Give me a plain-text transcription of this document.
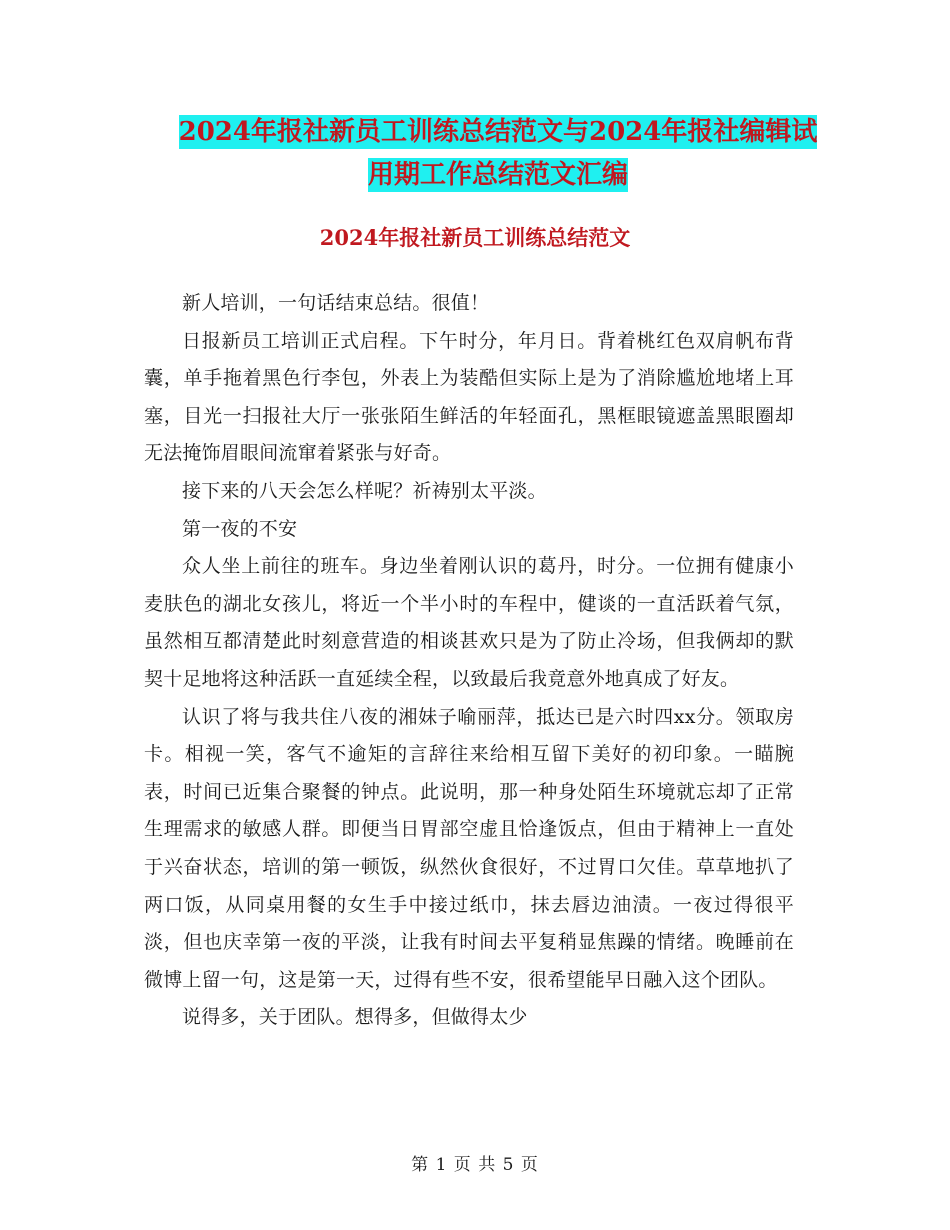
2024年报社新员工训练总结范文与2024年报社编辑试
用期工作总结范文汇编
2024年报社新员工训练总结范文

新人培训，一句话结束总结。很值！

日报新员工培训正式启程。下午时分，年月日。背着桃红色双肩帆布背囊，单手拖着黑色行李包，外表上为装酷但实际上是为了消除尴尬地堵上耳塞，目光一扫报社大厅一张张陌生鲜活的年轻面孔，黑框眼镜遮盖黑眼圈却无法掩饰眉眼间流窜着紧张与好奇。

接下来的八天会怎么样呢？祈祷别太平淡。

第一夜的不安

众人坐上前往的班车。身边坐着刚认识的葛丹，时分。一位拥有健康小麦肤色的湖北女孩儿，将近一个半小时的车程中，健谈的一直活跃着气氛，虽然相互都清楚此时刻意营造的相谈甚欢只是为了防止冷场，但我俩却的默契十足地将这种活跃一直延续全程，以致最后我竟意外地真成了好友。

认识了将与我共住八夜的湘妹子喻丽萍，抵达已是六时四xx分。领取房卡。相视一笑，客气不逾矩的言辞往来给相互留下美好的初印象。一瞄腕表，时间已近集合聚餐的钟点。此说明，那一种身处陌生环境就忘却了正常生理需求的敏感人群。即便当日胃部空虚且恰逢饭点，但由于精神上一直处于兴奋状态，培训的第一顿饭，纵然伙食很好，不过胃口欠佳。草草地扒了两口饭，从同桌用餐的女生手中接过纸巾，抹去唇边油渍。一夜过得很平淡，但也庆幸第一夜的平淡，让我有时间去平复稍显焦躁的情绪。晚睡前在微博上留一句，这是第一天，过得有些不安，很希望能早日融入这个团队。

说得多，关于团队。想得多，但做得太少

第 1 页 共 5 页
